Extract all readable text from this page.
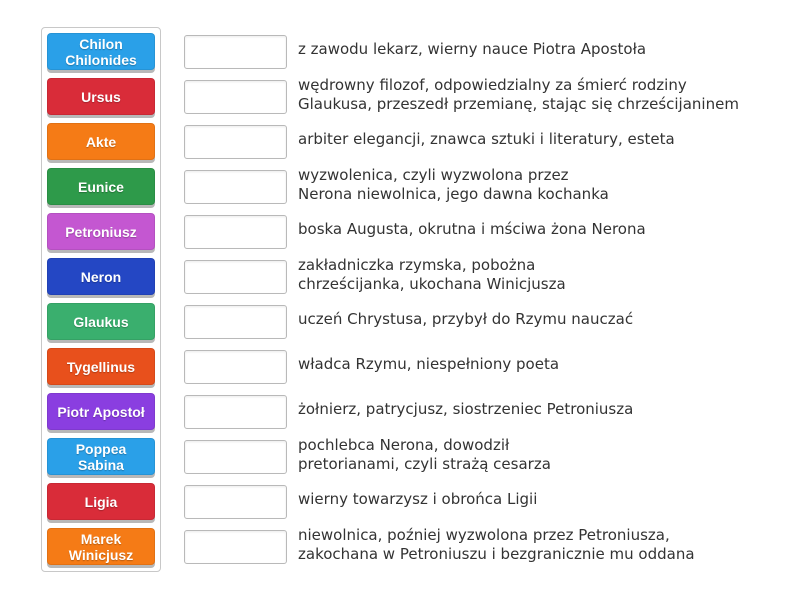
Chilon
Chilonides
Ursus
Akte
Eunice
Petroniusz
Neron
Glaukus
Tygellinus
Piotr Apostoł
Poppea
Sabina
Ligia
Marek
Winicjusz
z zawodu lekarz, wierny nauce Piotra Apostoła
wędrowny filozof, odpowiedzialny za śmierć rodziny
Glaukusa, przeszedł przemianę, stając się chrześcijaninem
arbiter elegancji, znawca sztuki i literatury, esteta
wyzwolenica, czyli wyzwolona przez
Nerona niewolnica, jego dawna kochanka
boska Augusta, okrutna i mściwa żona Nerona
zakładniczka rzymska, pobożna
chrześcijanka, ukochana Winicjusza
uczeń Chrystusa, przybył do Rzymu nauczać
władca Rzymu, niespełniony poeta
żołnierz, patrycjusz, siostrzeniec Petroniusza
pochlebca Nerona, dowodził
pretorianami, czyli strażą cesarza
wierny towarzysz i obrońca Ligii
niewolnica, poźniej wyzwolona przez Petroniusza,
zakochana w Petroniuszu i bezgranicznie mu oddana
